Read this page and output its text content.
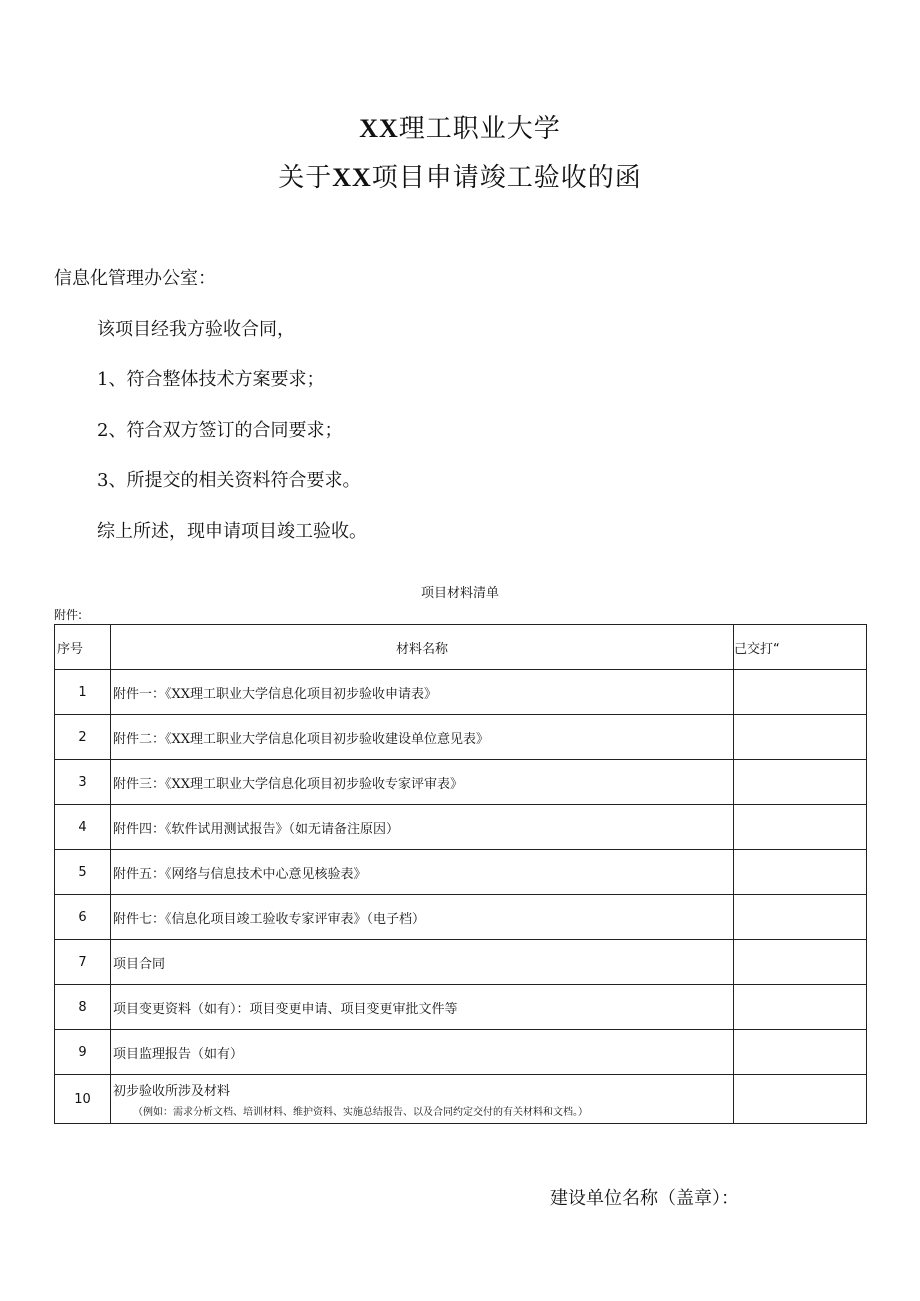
XX理工职业大学
关于XX项目申请竣工验收的函
信息化管理办公室：
该项目经我方验收合同，
1、符合整体技术方案要求；
2、符合双方签订的合同要求；
3、所提交的相关资料符合要求。
综上所述，现申请项目竣工验收。
项目材料清单
附件:
序号	材料名称	己交打“
1	附件一：《XX理工职业大学信息化项目初步验收申请表》	
2	附件二：《XX理工职业大学信息化项目初步验收建设单位意见表》	
3	附件三：《XX理工职业大学信息化项目初步验收专家评审表》	
4	附件四：《软件试用测试报告》（如无请备注原因）	
5	附件五：《网络与信息技术中心意见核验表》	
6	附件七：《信息化项目竣工验收专家评审表》（电子档）	
7	项目合同	
8	项目变更资料（如有）：项目变更申请、项目变更审批文件等	
9	项目监理报告（如有）	
10	初步验收所涉及材料
（例如：需求分析文档、培训材料、维护资料、实施总结报告、以及合同约定交付的有关材料和文档。）	

建设单位名称（盖章）：
